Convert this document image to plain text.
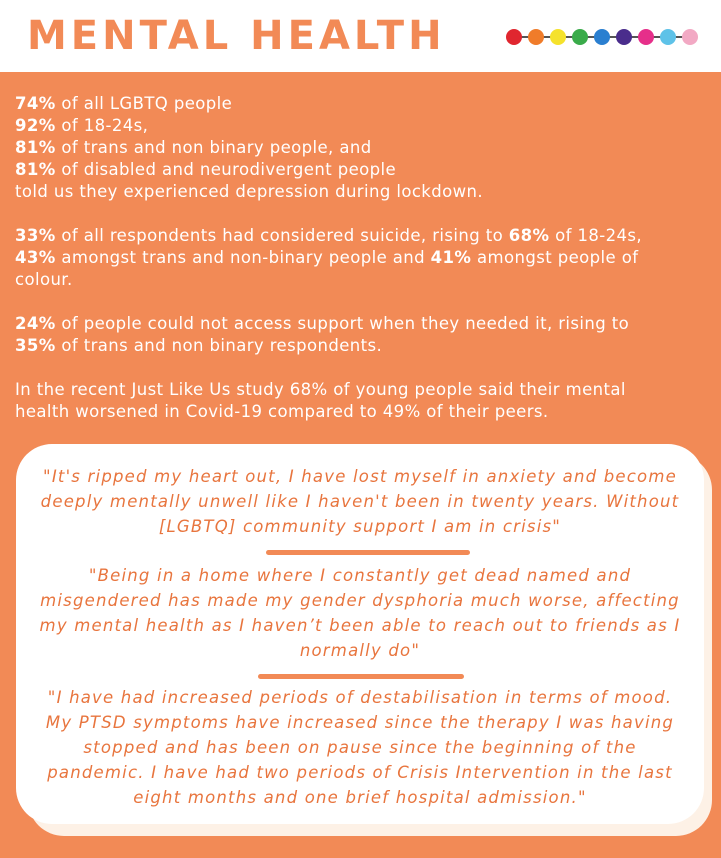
MENTAL HEALTH

74% of all LGBTQ people
92% of 18-24s,
81% of trans and non binary people, and
81% of disabled and neurodivergent people
told us they experienced depression during lockdown.

33% of all respondents had considered suicide, rising to 68% of 18-24s,
43% amongst trans and non-binary people and 41% amongst people of
colour.

24% of people could not access support when they needed it, rising to
35% of trans and non binary respondents.

In the recent Just Like Us study 68% of young people said their mental
health worsened in Covid-19 compared to 49% of their peers.

"It's ripped my heart out, I have lost myself in anxiety and become
deeply mentally unwell like I haven't been in twenty years. Without
[LGBTQ] community support I am in crisis"

"Being in a home where I constantly get dead named and
misgendered has made my gender dysphoria much worse, affecting
my mental health as I haven’t been able to reach out to friends as I
normally do"

"I have had increased periods of destabilisation in terms of mood.
My PTSD symptoms have increased since the therapy I was having
stopped and has been on pause since the beginning of the
pandemic. I have had two periods of Crisis Intervention in the last
eight months and one brief hospital admission."
